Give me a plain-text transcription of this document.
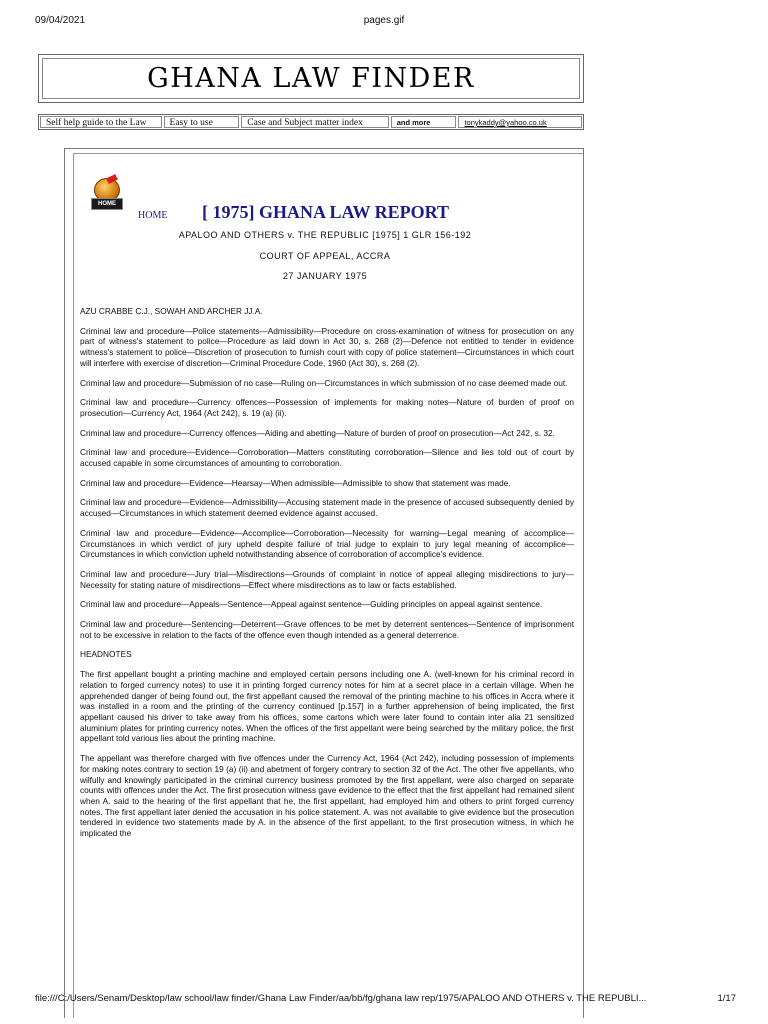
09/04/2021	pages.gif
GHANA LAW FINDER
Self help guide to the Law	Easy to use	Case and Subject matter index	and more	tonykaddy@yahoo.co.uk
HOME
HOME [ 1975] GHANA LAW REPORT
APALOO AND OTHERS v. THE REPUBLIC [1975] 1 GLR 156-192
COURT OF APPEAL, ACCRA
27 JANUARY 1975

AZU CRABBE C.J., SOWAH AND ARCHER JJ.A.

Criminal law and procedure—Police statements—Admissibility—Procedure on cross-examination of witness for prosecution on any part of witness's statement to police—Procedure as laid down in Act 30, s. 268 (2)—Defence not entitled to tender in evidence witness's statement to police—Discretion of prosecution to furnish court with copy of police statement—Circumstances in which court will interfere with exercise of discretion—Criminal Procedure Code, 1960 (Act 30), s. 268 (2).

Criminal law and procedure—Submission of no case—Ruling on—Circumstances in which submission of no case deemed made out.

Criminal law and procedure—Currency offences—Possession of implements for making notes—Nature of burden of proof on prosecution—Currency Act, 1964 (Act 242), s. 19 (a) (ii).

Criminal law and procedure—Currency offences—Aiding and abetting—Nature of burden of proof on prosecution—Act 242, s. 32.

Criminal law and procedure—Evidence—Corroboration—Matters constituting corroboration—Silence and lies told out of court by accused capable in some circumstances of amounting to corroboration.

Criminal law and procedure—Evidence—Hearsay—When admissible—Admissible to show that statement was made.

Criminal law and procedure—Evidence—Admissibility—Accusing statement made in the presence of accused subsequently denied by accused—Circumstances in which statement deemed evidence against accused.

Criminal law and procedure—Evidence—Accomplice—Corroboration—Necessity for warning—Legal meaning of accomplice—Circumstances in which verdict of jury upheld despite failure of trial judge to explain to jury legal meaning of accomplice—Circumstances in which conviction upheld notwithstanding absence of corroboration of accomplice's evidence.

Criminal law and procedure—Jury trial—Misdirections—Grounds of complaint in notice of appeal alleging misdirections to jury—Necessity for stating nature of misdirections—Effect where misdirections as to law or facts established.

Criminal law and procedure—Appeals—Sentence—Appeal against sentence—Guiding principles on appeal against sentence.

Criminal law and procedure—Sentencing—Deterrent—Grave offences to be met by deterrent sentences—Sentence of imprisonment not to be excessive in relation to the facts of the offence even though intended as a general deterrence.

HEADNOTES

The first appellant bought a printing machine and employed certain persons including one A. (well-known for his criminal record in relation to forged currency notes) to use it in printing forged currency notes for him at a secret place in a certain village. When he apprehended danger of being found out, the first appellant caused the removal of the printing machine to his offices in Accra where it was installed in a room and the printing of the currency continued [p.157] in a further apprehension of being implicated, the first appellant caused his driver to take away from his offices, some cartons which were later found to contain inter alia 21 sensitized aluminium plates for printing currency notes. When the offices of the first appellant were being searched by the military police, the first appellant told various lies about the printing machine.

The appellant was therefore charged with five offences under the Currency Act, 1964 (Act 242), including possession of implements for making notes contrary to section 19 (a) (ii) and abetment of forgery contrary to section 32 of the Act. The other five appellants, who wilfully and knowingly participated in the criminal currency business promoted by the first appellant, were also charged on separate counts with offences under the Act. The first prosecution witness gave evidence to the effect that the first appellant had remained silent when A. said to the hearing of the first appellant that he, the first appellant, had employed him and others to print forged currency notes. The first appellant later denied the accusation in his police statement. A. was not available to give evidence but the prosecution tendered in evidence two statements made by A. in the absence of the first appellant, to the first prosecution witness, in which he implicated the

file:///C:/Users/Senam/Desktop/law school/law finder/Ghana Law Finder/aa/bb/fg/ghana law rep/1975/APALOO AND OTHERS v. THE REPUBLI...	1/17
